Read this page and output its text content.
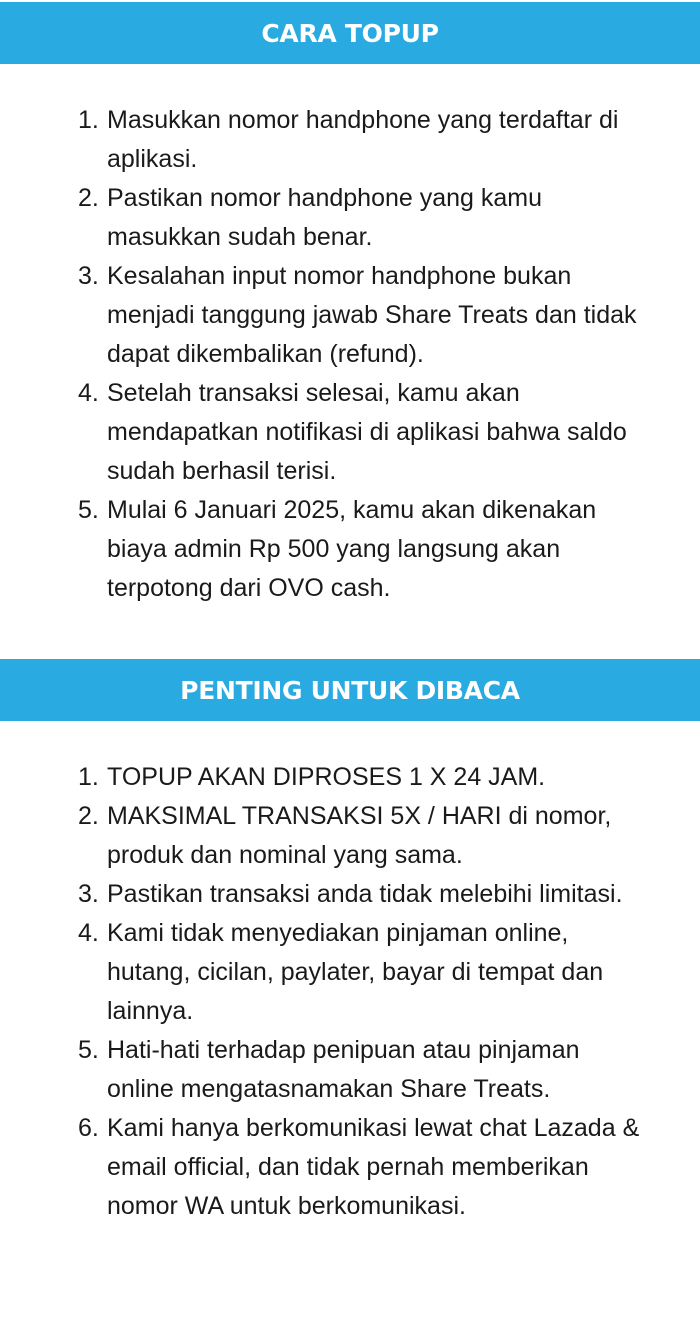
CARA TOPUP
1. Masukkan nomor handphone yang terdaftar di aplikasi.
2. Pastikan nomor handphone yang kamu masukkan sudah benar.
3. Kesalahan input nomor handphone bukan menjadi tanggung jawab Share Treats dan tidak dapat dikembalikan (refund).
4. Setelah transaksi selesai, kamu akan mendapatkan notifikasi di aplikasi bahwa saldo sudah berhasil terisi.
5. Mulai 6 Januari 2025, kamu akan dikenakan biaya admin Rp 500 yang langsung akan terpotong dari OVO cash.
PENTING UNTUK DIBACA
1. TOPUP AKAN DIPROSES 1 X 24 JAM.
2. MAKSIMAL TRANSAKSI 5X / HARI di nomor, produk dan nominal yang sama.
3. Pastikan transaksi anda tidak melebihi limitasi.
4. Kami tidak menyediakan pinjaman online, hutang, cicilan, paylater, bayar di tempat dan lainnya.
5. Hati-hati terhadap penipuan atau pinjaman online mengatasnamakan Share Treats.
6. Kami hanya berkomunikasi lewat chat Lazada & email official, dan tidak pernah memberikan nomor WA untuk berkomunikasi.
